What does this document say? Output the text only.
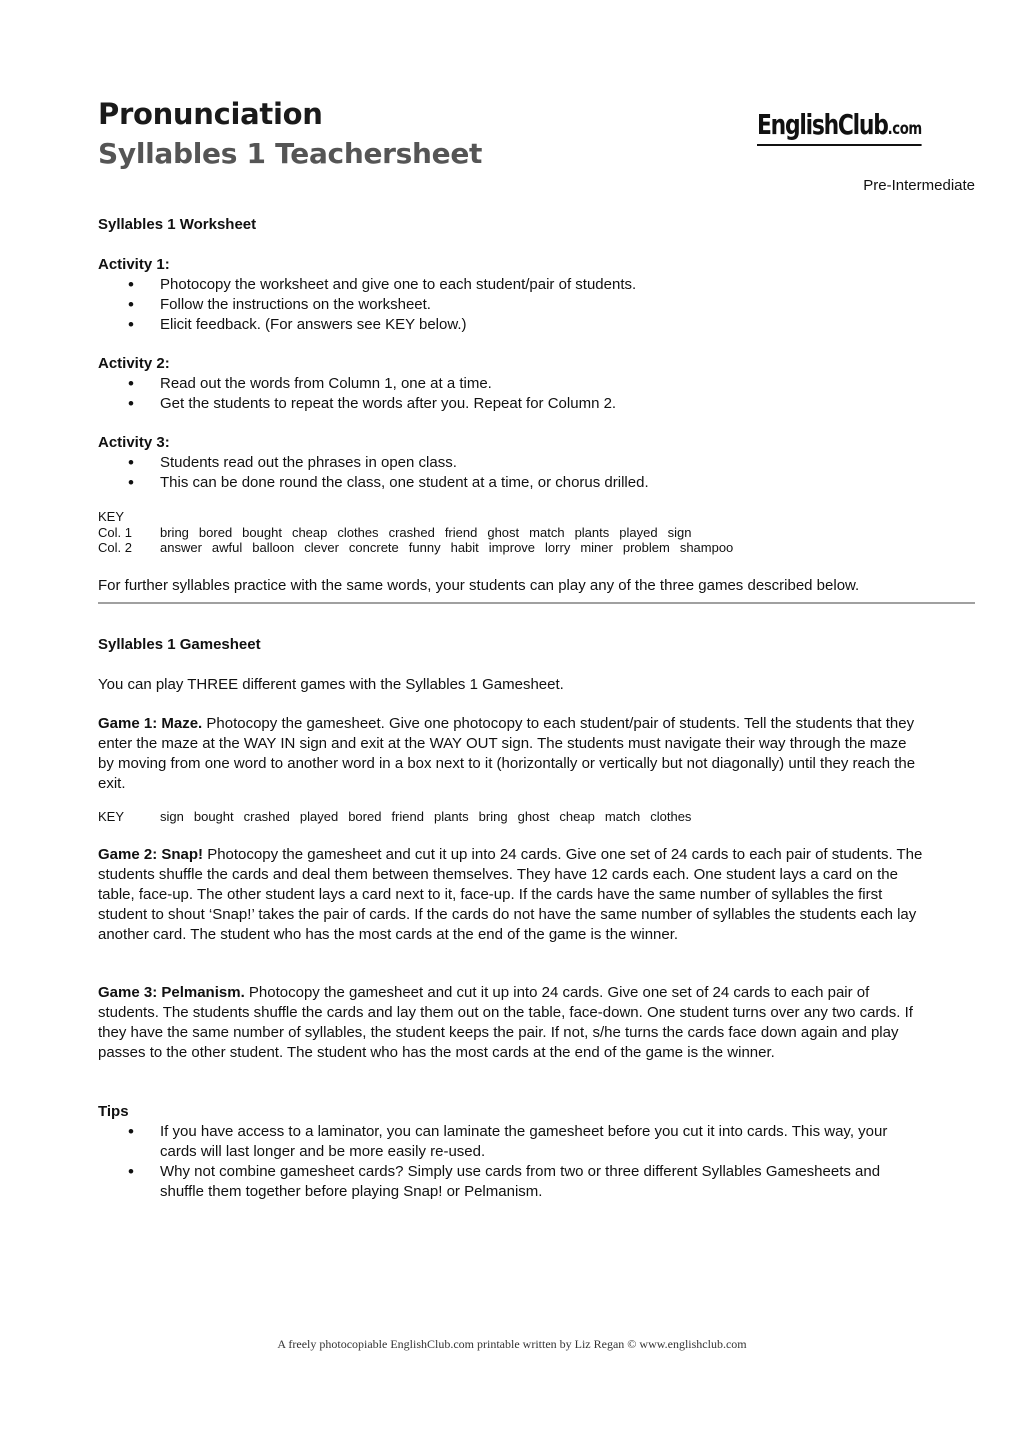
Pronunciation
Syllables 1 Teachersheet
EnglishClub.com
Pre-Intermediate
Syllables 1 Worksheet
Activity 1:
• Photocopy the worksheet and give one to each student/pair of students.
• Follow the instructions on the worksheet.
• Elicit feedback. (For answers see KEY below.)
Activity 2:
• Read out the words from Column 1, one at a time.
• Get the students to repeat the words after you. Repeat for Column 2.
Activity 3:
• Students read out the phrases in open class.
• This can be done round the class, one student at a time, or chorus drilled.
KEY
Col. 1	bring bored bought cheap clothes crashed friend ghost match plants played sign
Col. 2	answer awful balloon clever concrete funny habit improve lorry miner problem shampoo
For further syllables practice with the same words, your students can play any of the three games described below.
Syllables 1 Gamesheet
You can play THREE different games with the Syllables 1 Gamesheet.
Game 1: Maze. Photocopy the gamesheet. Give one photocopy to each student/pair of students. Tell the students that they enter the maze at the WAY IN sign and exit at the WAY OUT sign. The students must navigate their way through the maze by moving from one word to another word in a box next to it (horizontally or vertically but not diagonally) until they reach the exit.
KEY	sign bought crashed played bored friend plants bring ghost cheap match clothes
Game 2: Snap! Photocopy the gamesheet and cut it up into 24 cards. Give one set of 24 cards to each pair of students. The students shuffle the cards and deal them between themselves. They have 12 cards each. One student lays a card on the table, face-up. The other student lays a card next to it, face-up. If the cards have the same number of syllables the first student to shout ‘Snap!’ takes the pair of cards. If the cards do not have the same number of syllables the students each lay another card. The student who has the most cards at the end of the game is the winner.
Game 3: Pelmanism. Photocopy the gamesheet and cut it up into 24 cards. Give one set of 24 cards to each pair of students. The students shuffle the cards and lay them out on the table, face-down. One student turns over any two cards. If they have the same number of syllables, the student keeps the pair. If not, s/he turns the cards face down again and play passes to the other student. The student who has the most cards at the end of the game is the winner.
Tips
• If you have access to a laminator, you can laminate the gamesheet before you cut it into cards. This way, your cards will last longer and be more easily re-used.
• Why not combine gamesheet cards? Simply use cards from two or three different Syllables Gamesheets and shuffle them together before playing Snap! or Pelmanism.
A freely photocopiable EnglishClub.com printable written by Liz Regan © www.englishclub.com
